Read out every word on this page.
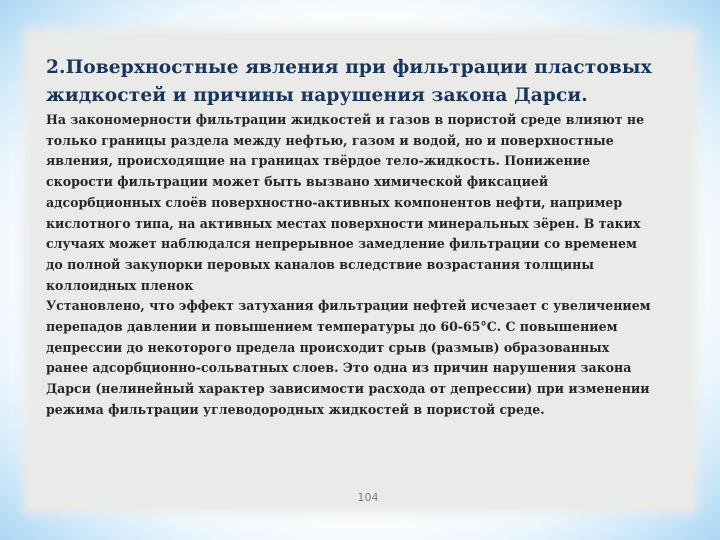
2.Поверхностные явления при фильтрации пластовых
жидкостей и причины нарушения закона Дарси.
На закономерности фильтрации жидкостей и газов в пористой среде влияют не
только границы раздела между нефтью, газом и водой, но и поверхностные
явления, происходящие на границах твёрдое тело-жидкость. Понижение
скорости фильтрации может быть вызвано химической фиксацией
адсорбционных слоёв поверхностно-активных компонентов нефти, например
кислотного типа, на активных местах поверхности минеральных зёрен. В таких
случаях может наблюдался непрерывное замедление фильтрации со временем
до полной закупорки перовых каналов вследствие возрастания толщины
коллоидных пленок
Установлено, что эффект затухания фильтрации нефтей исчезает с увеличением
перепадов давлении и повышением температуры до 60-65°С. С повышением
депрессии до некоторого предела происходит срыв (размыв) образованных
ранее адсорбционно-сольватных слоев. Это одна из причин нарушения закона
Дарси (нелинейный характер зависимости расхода от депрессии) при изменении
режима фильтрации углеводородных жидкостей в пористой среде.
104
